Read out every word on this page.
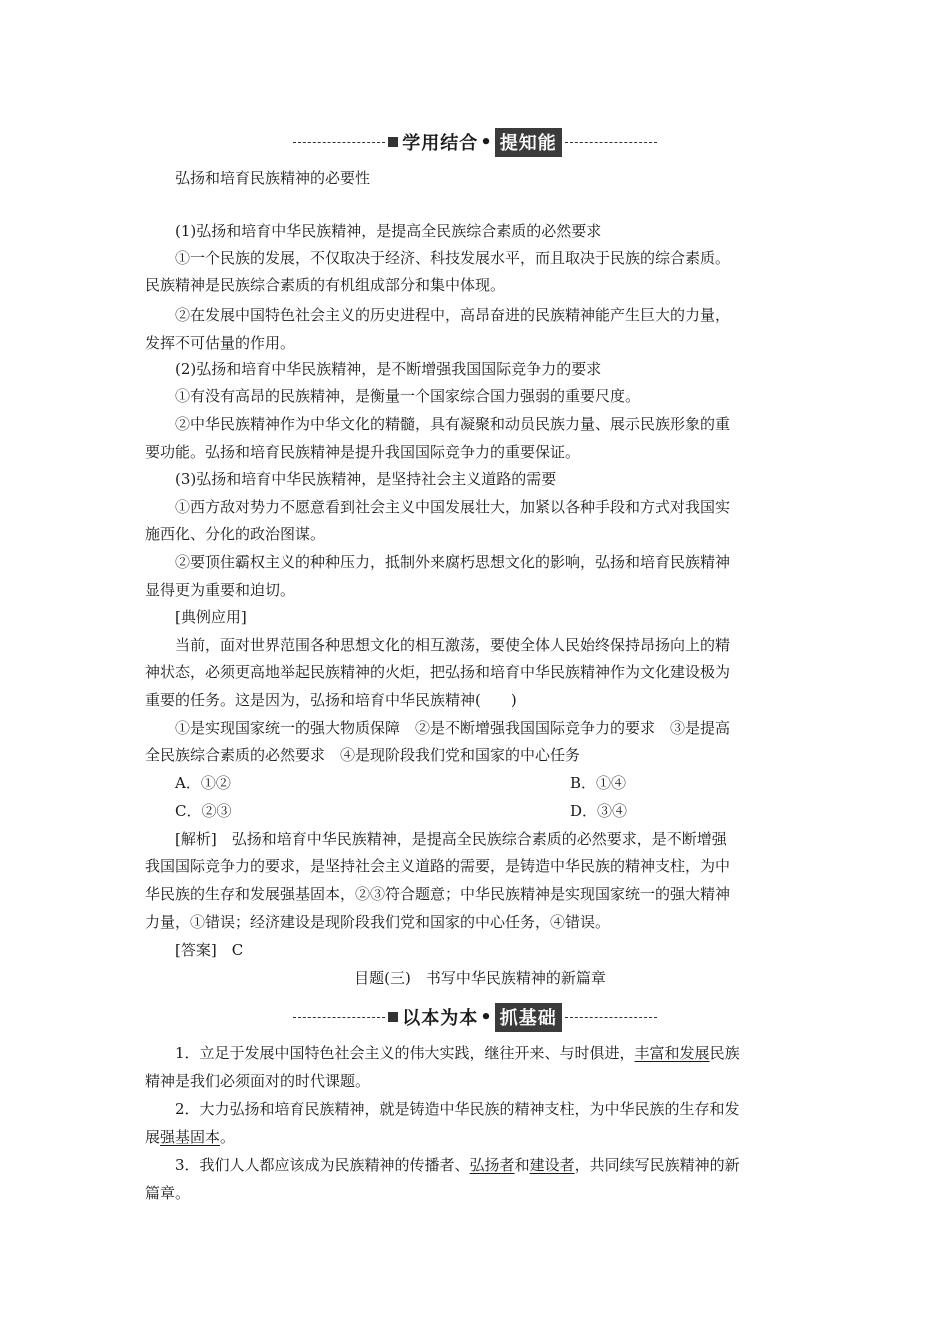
学用结合 • 提知能
弘扬和培育民族精神的必要性
(1)弘扬和培育中华民族精神，是提高全民族综合素质的必然要求
①一个民族的发展，不仅取决于经济、科技发展水平，而且取决于民族的综合素质。
民族精神是民族综合素质的有机组成部分和集中体现。
②在发展中国特色社会主义的历史进程中，高昂奋进的民族精神能产生巨大的力量，
发挥不可估量的作用。
(2)弘扬和培育中华民族精神，是不断增强我国国际竞争力的要求
①有没有高昂的民族精神，是衡量一个国家综合国力强弱的重要尺度。
②中华民族精神作为中华文化的精髓，具有凝聚和动员民族力量、展示民族形象的重
要功能。弘扬和培育民族精神是提升我国国际竞争力的重要保证。
(3)弘扬和培育中华民族精神，是坚持社会主义道路的需要
①西方敌对势力不愿意看到社会主义中国发展壮大，加紧以各种手段和方式对我国实
施西化、分化的政治图谋。
②要顶住霸权主义的种种压力，抵制外来腐朽思想文化的影响，弘扬和培育民族精神
显得更为重要和迫切。
[典例应用]
当前，面对世界范围各种思想文化的相互激荡，要使全体人民始终保持昂扬向上的精
神状态，必须更高地举起民族精神的火炬，把弘扬和培育中华民族精神作为文化建设极为
重要的任务。这是因为，弘扬和培育中华民族精神(　　)
①是实现国家统一的强大物质保障　②是不断增强我国国际竞争力的要求　③是提高
全民族综合素质的必然要求　④是现阶段我们党和国家的中心任务
A．①②	B．①④
C．②③	D．③④
[解析]　弘扬和培育中华民族精神，是提高全民族综合素质的必然要求，是不断增强
我国国际竞争力的要求，是坚持社会主义道路的需要，是铸造中华民族的精神支柱，为中
华民族的生存和发展强基固本，②③符合题意；中华民族精神是实现国家统一的强大精神
力量，①错误；经济建设是现阶段我们党和国家的中心任务，④错误。
[答案]　C
目题(三)　书写中华民族精神的新篇章
以本为本 • 抓基础
1．立足于发展中国特色社会主义的伟大实践，继往开来、与时俱进，丰富和发展民族
精神是我们必须面对的时代课题。
2．大力弘扬和培育民族精神，就是铸造中华民族的精神支柱，为中华民族的生存和发
展强基固本。
3．我们人人都应该成为民族精神的传播者、弘扬者和建设者，共同续写民族精神的新
篇章。
